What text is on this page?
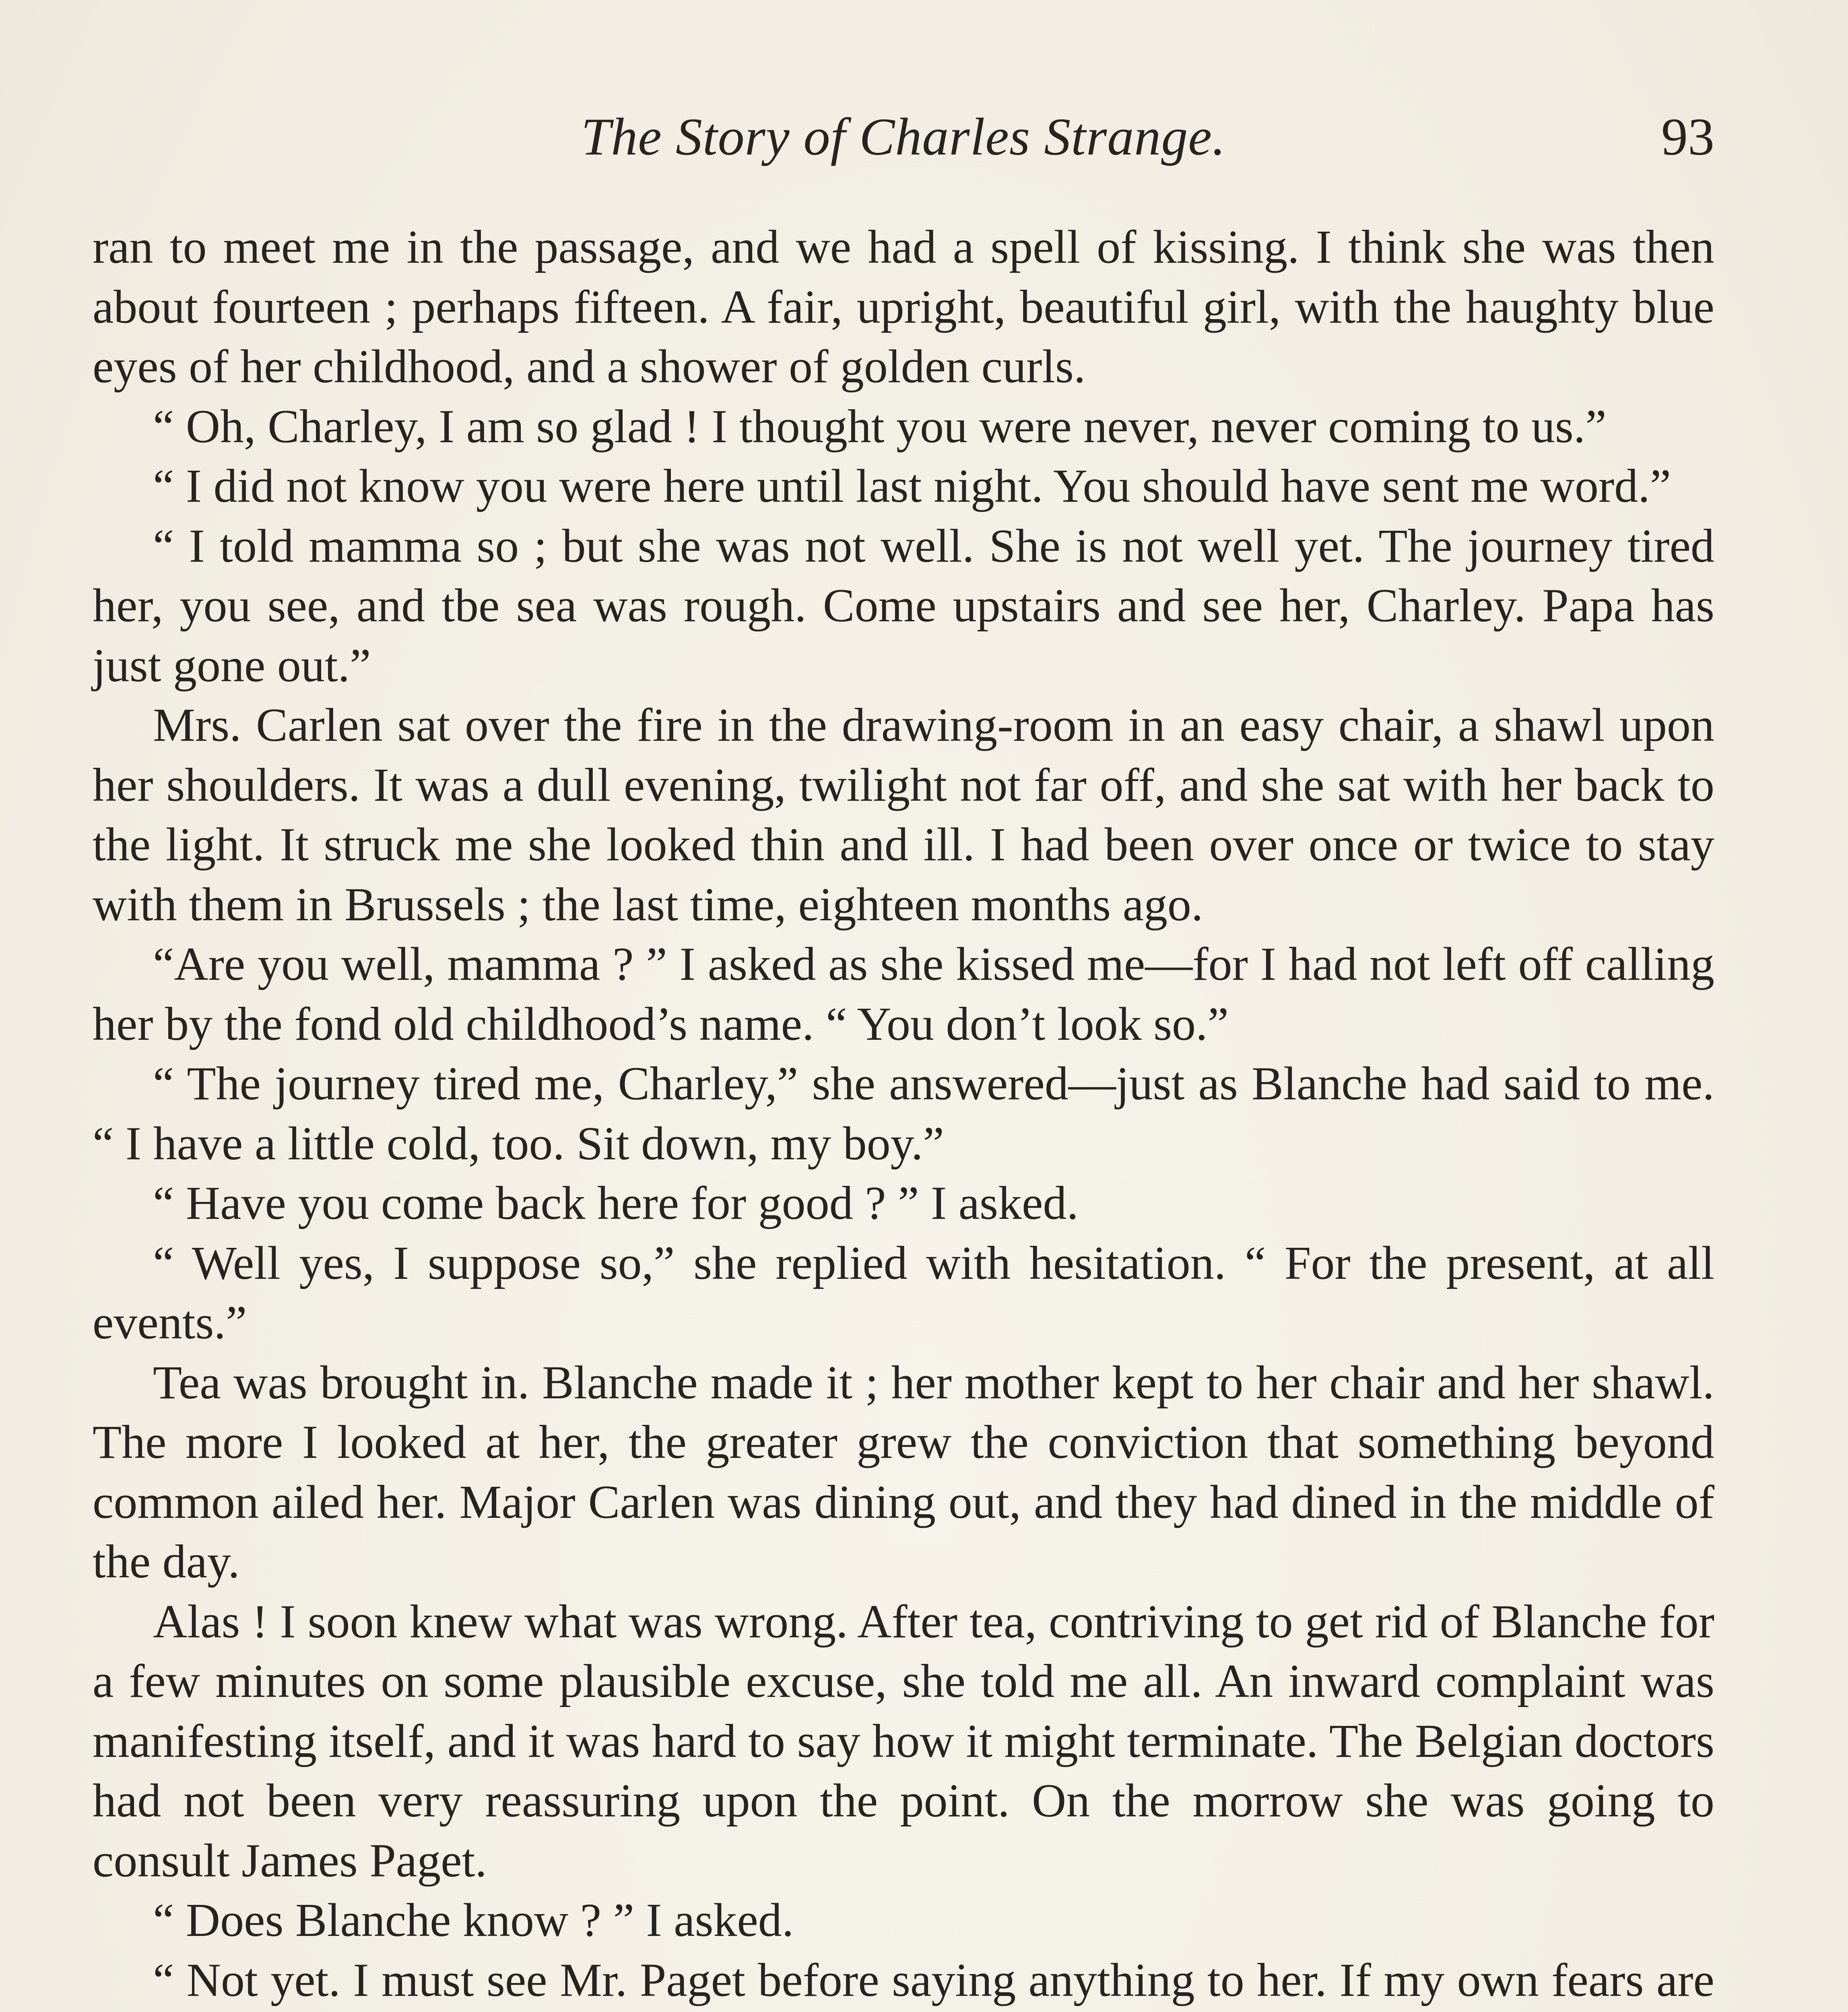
The Story of Charles Strange.	93

ran to meet me in the passage, and we had a spell of kissing. I think she was then about fourteen ; perhaps fifteen. A fair, upright, beautiful girl, with the haughty blue eyes of her childhood, and a shower of golden curls.

“ Oh, Charley, I am so glad ! I thought you were never, never coming to us.”

“ I did not know you were here until last night. You should have sent me word.”

“ I told mamma so ; but she was not well. She is not well yet. The journey tired her, you see, and tbe sea was rough. Come upstairs and see her, Charley. Papa has just gone out.”

Mrs. Carlen sat over the fire in the drawing-room in an easy chair, a shawl upon her shoulders. It was a dull evening, twilight not far off, and she sat with her back to the light. It struck me she looked thin and ill. I had been over once or twice to stay with them in Brussels ; the last time, eighteen months ago.

“Are you well, mamma ? ” I asked as she kissed me—for I had not left off calling her by the fond old childhood’s name. “ You don’t look so.”

“ The journey tired me, Charley,” she answered—just as Blanche had said to me. “ I have a little cold, too. Sit down, my boy.”

“ Have you come back here for good ? ” I asked.

“ Well yes, I suppose so,” she replied with hesitation. “ For the present, at all events.”

Tea was brought in. Blanche made it ; her mother kept to her chair and her shawl. The more I looked at her, the greater grew the conviction that something beyond common ailed her. Major Carlen was dining out, and they had dined in the middle of the day.

Alas ! I soon knew what was wrong. After tea, contriving to get rid of Blanche for a few minutes on some plausible excuse, she told me all. An inward complaint was manifesting itself, and it was hard to say how it might terminate. The Belgian doctors had not been very reassuring upon the point. On the morrow she was going to consult James Paget.

“ Does Blanche know ? ” I asked.

“ Not yet. I must see Mr. Paget before saying anything to her. If my own fears are
